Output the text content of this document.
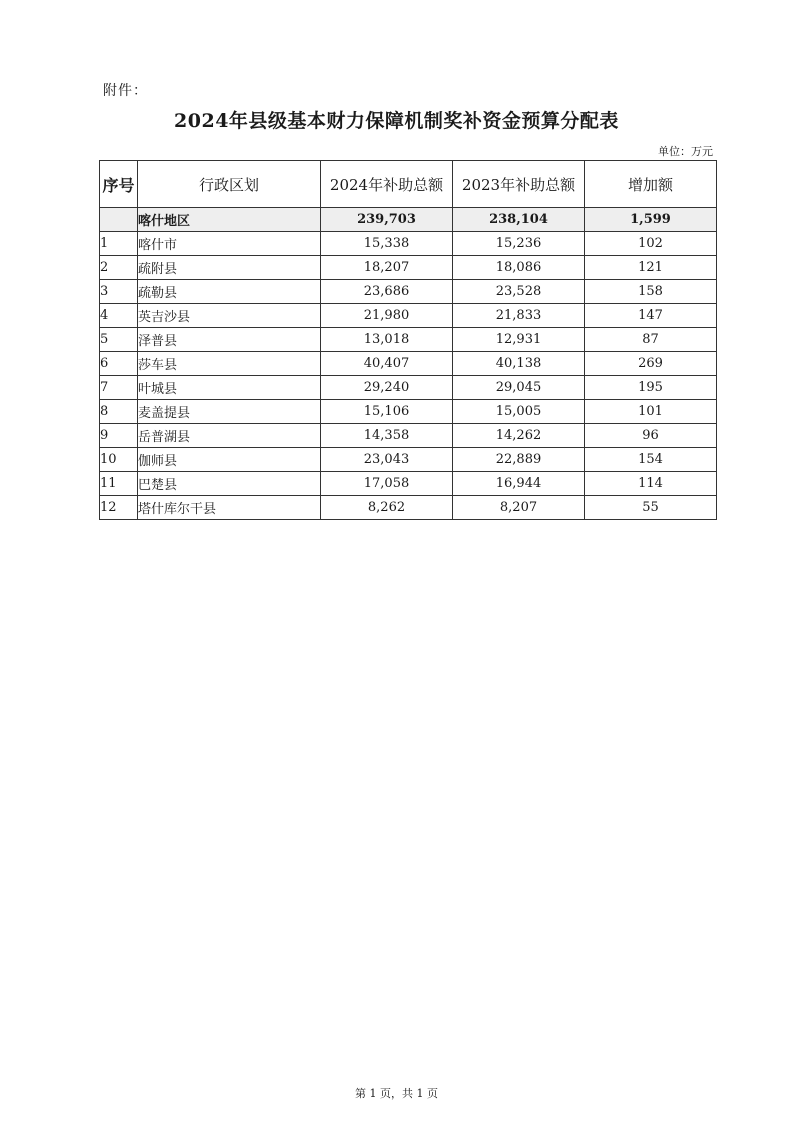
附件：
2024年县级基本财力保障机制奖补资金预算分配表
单位：万元
序号	行政区划	2024年补助总额	2023年补助总额	增加额
	喀什地区	239,703	238,104	1,599
1	喀什市	15,338	15,236	102
2	疏附县	18,207	18,086	121
3	疏勒县	23,686	23,528	158
4	英吉沙县	21,980	21,833	147
5	泽普县	13,018	12,931	87
6	莎车县	40,407	40,138	269
7	叶城县	29,240	29,045	195
8	麦盖提县	15,106	15,005	101
9	岳普湖县	14,358	14,262	96
10	伽师县	23,043	22,889	154
11	巴楚县	17,058	16,944	114
12	塔什库尔干县	8,262	8,207	55
第 1 页，共 1 页
